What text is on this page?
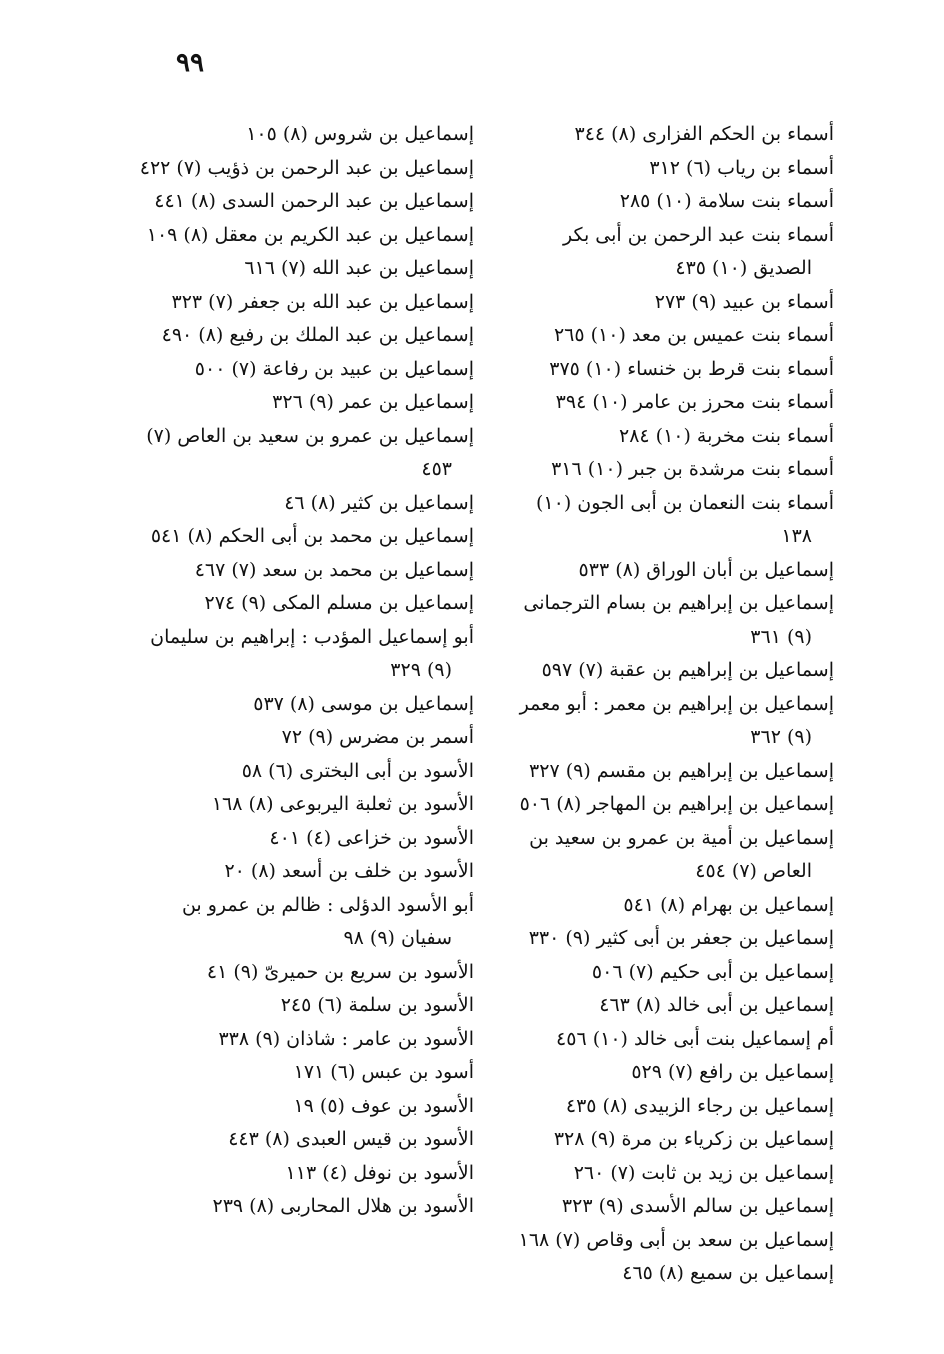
٩٩

أسماء بن الحكم الفزارى (٨) ٣٤٤

أسماء بن رياب (٦) ٣١٢

أسماء بنت سلامة (١٠) ٢٨٥

أسماء بنت عبد الرحمن بن أبى بكر الصديق (١٠) ٤٣٥

أسماء بن عبيد (٩) ٢٧٣

أسماء بنت عميس بن معد (١٠) ٢٦٥

أسماء بنت قرط بن خنساء (١٠) ٣٧٥

أسماء بنت محرز بن عامر (١٠) ٣٩٤

أسماء بنت مخربة (١٠) ٢٨٤

أسماء بنت مرشدة بن جبر (١٠) ٣١٦

أسماء بنت النعمان بن أبى الجون (١٠) ١٣٨

إسماعيل بن أبان الوراق (٨) ٥٣٣

إسماعيل بن إبراهيم بن بسام الترجمانى (٩) ٣٦١

إسماعيل بن إبراهيم بن عقبة (٧) ٥٩٧

إسماعيل بن إبراهيم بن معمر : أبو معمر (٩) ٣٦٢

إسماعيل بن إبراهيم بن مقسم (٩) ٣٢٧

إسماعيل بن إبراهيم بن المهاجر (٨) ٥٠٦

إسماعيل بن أمية بن عمرو بن سعيد بن العاص (٧) ٤٥٤

إسماعيل بن بهرام (٨) ٥٤١

إسماعيل بن جعفر بن أبى كثير (٩) ٣٣٠

إسماعيل بن أبى حكيم (٧) ٥٠٦

إسماعيل بن أبى خالد (٨) ٤٦٣

أم إسماعيل بنت أبى خالد (١٠) ٤٥٦

إسماعيل بن رافع (٧) ٥٢٩

إسماعيل بن رجاء الزبيدى (٨) ٤٣٥

إسماعيل بن زكرياء بن مرة (٩) ٣٢٨

إسماعيل بن زيد بن ثابت (٧) ٢٦٠

إسماعيل بن سالم الأسدى (٩) ٣٢٣

إسماعيل بن سعد بن أبى وقاص (٧) ١٦٨

إسماعيل بن سميع (٨) ٤٦٥

إسماعيل بن شروس (٨) ١٠٥

إسماعيل بن عبد الرحمن بن ذؤيب (٧) ٤٢٢

إسماعيل بن عبد الرحمن السدى (٨) ٤٤١

إسماعيل بن عبد الكريم بن معقل (٨) ١٠٩

إسماعيل بن عبد الله (٧) ٦١٦

إسماعيل بن عبد الله بن جعفر (٧) ٣٢٣

إسماعيل بن عبد الملك بن رفيع (٨) ٤٩٠

إسماعيل بن عبيد بن رفاعة (٧) ٥٠٠

إسماعيل بن عمر (٩) ٣٢٦

إسماعيل بن عمرو بن سعيد بن العاص (٧) ٤٥٣

إسماعيل بن كثير (٨) ٤٦

إسماعيل بن محمد بن أبى الحكم (٨) ٥٤١

إسماعيل بن محمد بن سعد (٧) ٤٦٧

إسماعيل بن مسلم المكى (٩) ٢٧٤

أبو إسماعيل المؤدب : إبراهيم بن سليمان (٩) ٣٢٩

إسماعيل بن موسى (٨) ٥٣٧

أسمر بن مضرس (٩) ٧٢

الأسود بن أبى البخترى (٦) ٥٨

الأسود بن ثعلبة اليربوعى (٨) ١٦٨

الأسود بن خزاعى (٤) ٤٠١

الأسود بن خلف بن أسعد (٨) ٢٠

أبو الأسود الدؤلى : ظالم بن عمرو بن سفيان (٩) ٩٨

الأسود بن سريع بن حميرىّ (٩) ٤١

الأسود بن سلمة (٦) ٢٤٥

الأسود بن عامر : شاذان (٩) ٣٣٨

أسود بن عبس (٦) ١٧١

الأسود بن عوف (٥) ١٩

الأسود بن قيس العبدى (٨) ٤٤٣

الأسود بن نوفل (٤) ١١٣

الأسود بن هلال المحاربى (٨) ٢٣٩
